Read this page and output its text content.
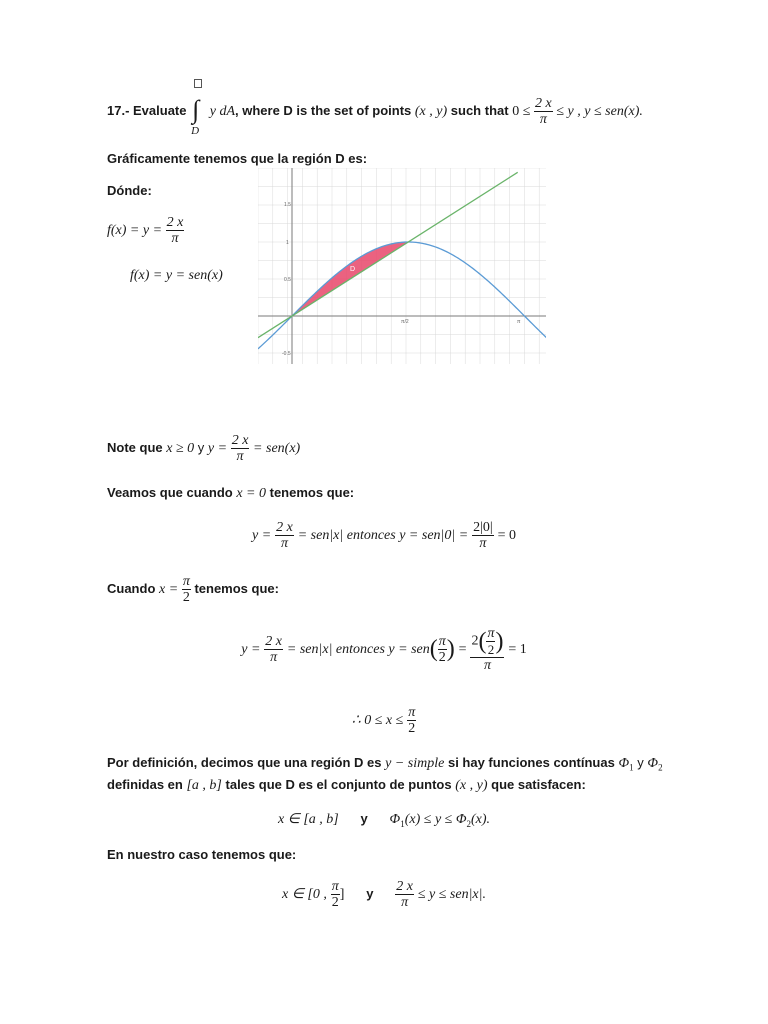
17.- Evaluate ∫
D
y dA, where D is the set of points (x , y) such that $0 \le \frac{2 x}{\pi} \le y$ , y ≤ sen(x).
Gráficamente tenemos que la región D es:
Dónde:
$f(x) = y = \frac{2 x}{\pi}$
f(x) = y = sen(x)	D
1.5
1
0.5
-0.5
π/2	π
Note que x ≥ 0 y $y = \frac{2 x}{\pi} = sen(x)$
Veamos que cuando x = 0 tenemos que:
$y = \frac{2 x}{\pi} = sen|x|$ entonces $y = sen|0| = \frac{2|0|}{\pi} = 0$
Cuando $x = \frac{\pi}{2}$ tenemos que:
$y = \frac{2 x}{\pi} = sen|x|$ entonces $y = sen( \frac{\pi}{2}$ ) = $\frac{2( \frac{\pi}{2} )}{\pi} = 1$
∴ $0 \le x \le \frac{\pi}{2}$
Por definición, decimos que una región D es y − simple si hay funciones contínuas $\Phi_1$ y $\Phi_2$
definidas en [a , b] tales que D es el conjunto de puntos (x , y) que satisfacen:
x ∈ [a , b] y $\Phi_1(x) \le y \le \Phi_2(x)$.
En nuestro caso tenemos que:
x ∈ [0 , $\frac{\pi}{2}$ ] y $\frac{2 x}{\pi} \le y \le sen|x|$.
